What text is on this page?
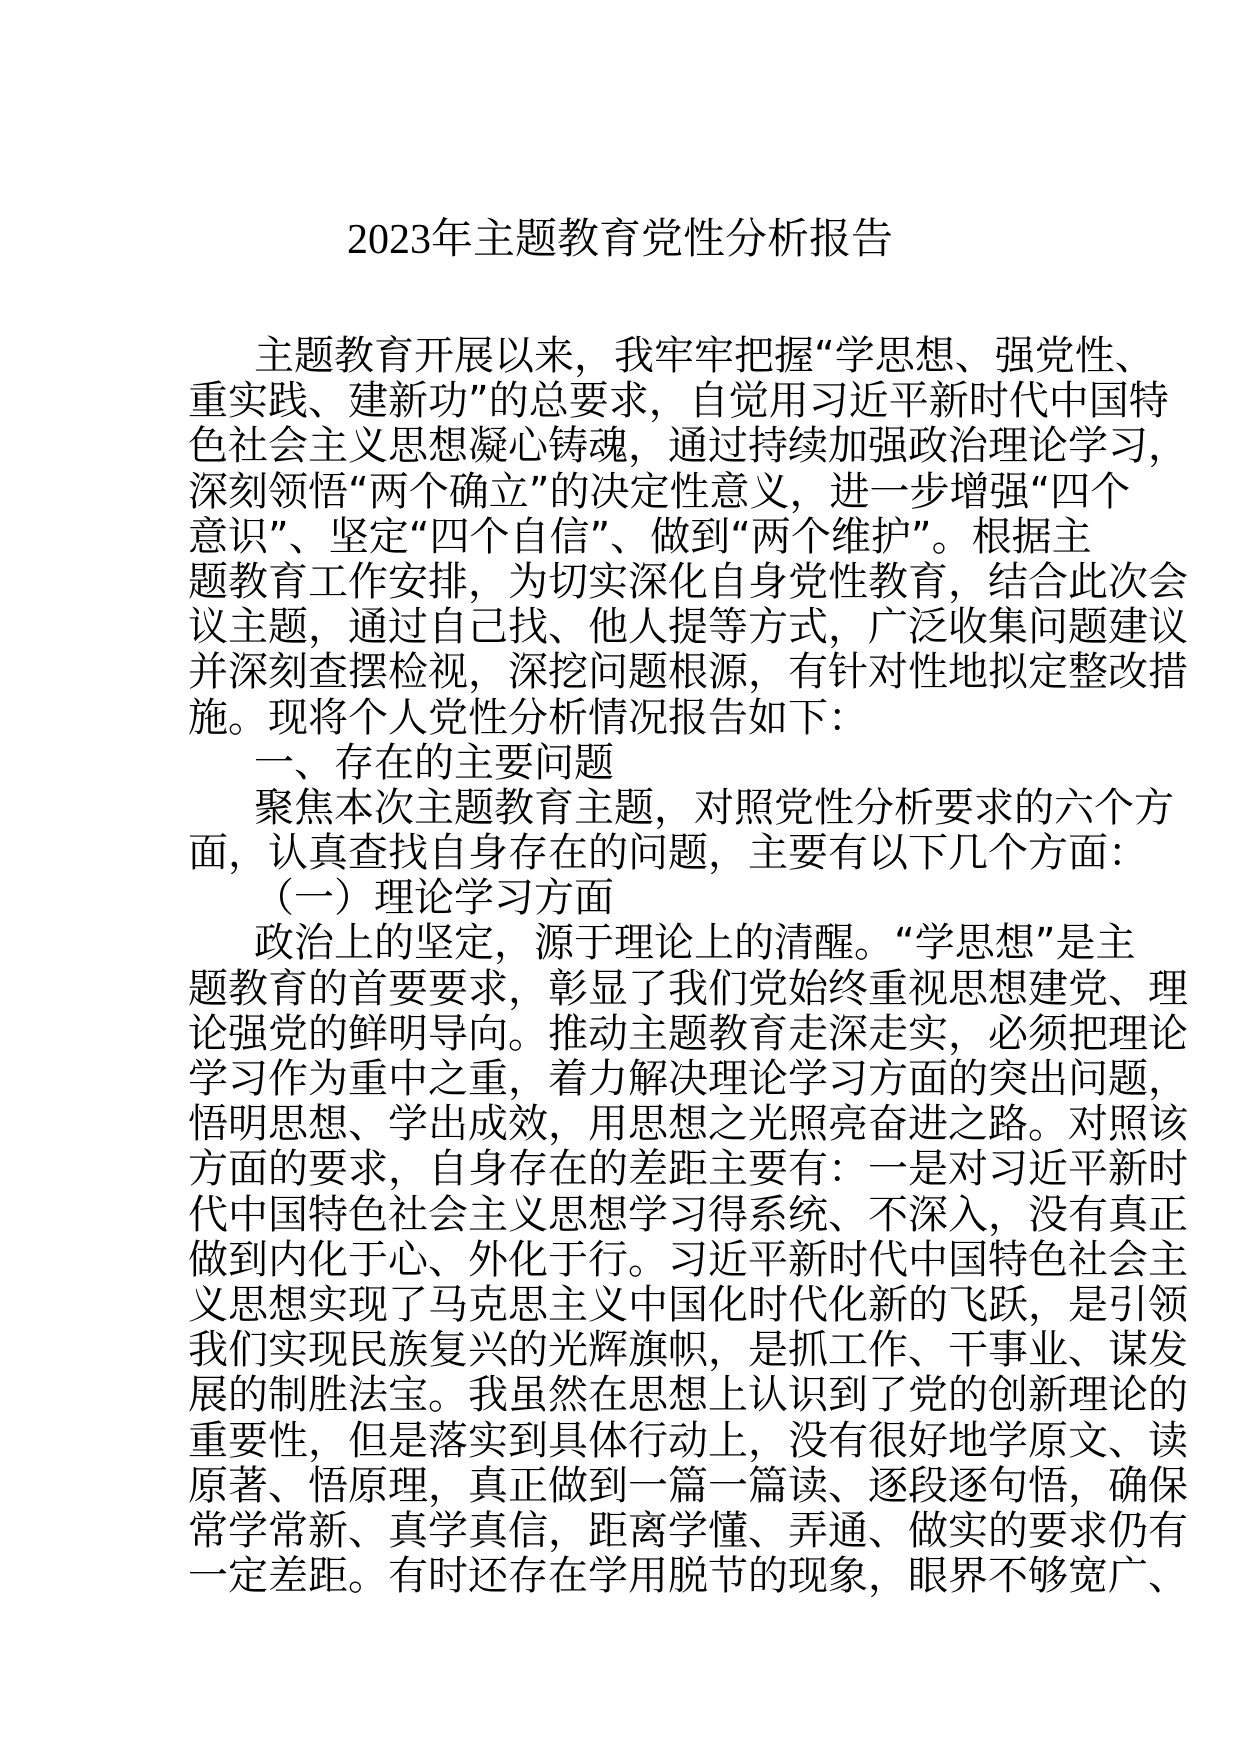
2023年主题教育党性分析报告
主题教育开展以来，我牢牢把握“学思想、强党性、
重实践、建新功”的总要求，自觉用习近平新时代中国特
色社会主义思想凝心铸魂，通过持续加强政治理论学习，
深刻领悟“两个确立”的决定性意义，进一步增强“四个
意识”、坚定“四个自信”、做到“两个维护”。根据主
题教育工作安排，为切实深化自身党性教育，结合此次会
议主题，通过自己找、他人提等方式，广泛收集问题建议
并深刻查摆检视，深挖问题根源，有针对性地拟定整改措
施。现将个人党性分析情况报告如下：
一、存在的主要问题
聚焦本次主题教育主题，对照党性分析要求的六个方
面，认真查找自身存在的问题，主要有以下几个方面：
（一）理论学习方面
政治上的坚定，源于理论上的清醒。“学思想”是主
题教育的首要要求，彰显了我们党始终重视思想建党、理
论强党的鲜明导向。推动主题教育走深走实，必须把理论
学习作为重中之重，着力解决理论学习方面的突出问题，
悟明思想、学出成效，用思想之光照亮奋进之路。对照该
方面的要求，自身存在的差距主要有：一是对习近平新时
代中国特色社会主义思想学习得系统、不深入，没有真正
做到内化于心、外化于行。习近平新时代中国特色社会主
义思想实现了马克思主义中国化时代化新的飞跃，是引领
我们实现民族复兴的光辉旗帜，是抓工作、干事业、谋发
展的制胜法宝。我虽然在思想上认识到了党的创新理论的
重要性，但是落实到具体行动上，没有很好地学原文、读
原著、悟原理，真正做到一篇一篇读、逐段逐句悟，确保
常学常新、真学真信，距离学懂、弄通、做实的要求仍有
一定差距。有时还存在学用脱节的现象，眼界不够宽广、
